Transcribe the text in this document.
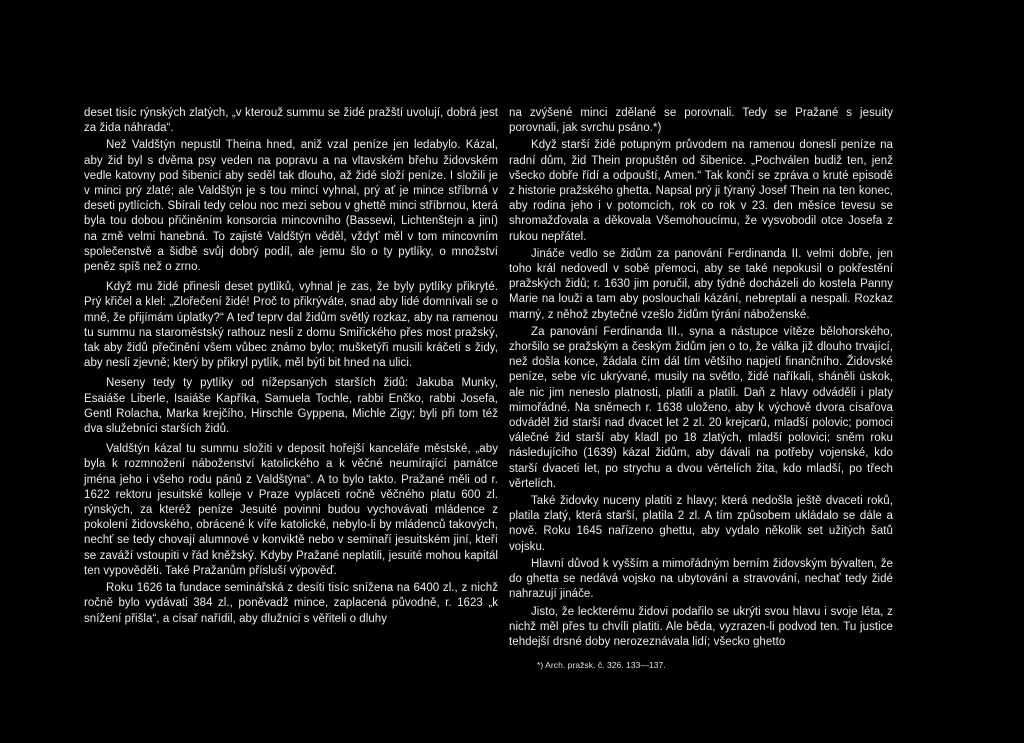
deset tisíc rýnských zlatých, „v kterouž summu se židé pražští uvolují, dobrá jest za žida náhrada“.

Než Valdštýn nepustil Theina hned, aniž vzal peníze jen ledabylo. Kázal, aby žid byl s dvěma psy veden na popravu a na vltavském břehu židovském vedle katovny pod šibenicí aby seděl tak dlouho, až židé složí peníze. I složili je v minci prý zlaté; ale Valdštýn je s tou mincí vyhnal, prý ať je mince stříbrná v deseti pytlících. Sbírali tedy celou noc mezi sebou v ghettě minci stříbrnou, která byla tou dobou přičiněním konsorcia mincovního (Bassewi, Lichtenštejn a jiní) na změ velmi hanebná. To zajisté Valdštýn věděl, vždyť měl v tom mincovním společenstvě a šidbě svůj dobrý podíl, ale jemu šlo o ty pytlíky, o množství peněz spíš než o zrno.

Když mu židé přinesli deset pytlíků, vyhnal je zas, že byly pytlíky přikryté. Prý křičel a klel: „Zlořečení židé! Proč to přikrýváte, snad aby lidé domnívali se o mně, že přijímám úplatky?“ A teď teprv dal židům světlý rozkaz, aby na ramenou tu summu na staroměstský rathouz nesli z domu Smiřického přes most pražský, tak aby židů přečinění všem vůbec známo bylo; mušketýři musili kráčeti s židy, aby nesli zjevně; který by přikryl pytlík, měl býti bit hned na ulici.

Neseny tedy ty pytlíky od nížepsaných starších židů: Jakuba Munky, Esaiáše Liberle, Isaiáše Kapříka, Samuela Tochle, rabbi Enčko, rabbi Josefa, Gentl Rolacha, Marka krejčího, Hirschle Gyppena, Michle Zigy; byli při tom též dva služebníci starších židů.

Valdštýn kázal tu summu složiti v deposit hořejší kanceláře městské, „aby byla k rozmnožení náboženství katolického a k věčné neumírající památce jména jeho i všeho rodu pánů z Valdštýna“. A to bylo takto. Pražané měli od r. 1622 rektoru jesuitské kolleje v Praze vypláceti ročně věčného platu 600 zl. rýnských, za kteréž peníze Jesuité povinni budou vychovávati mládence z pokolení židovského, obrácené k víře katolické, nebylo-li by mládenců takových, nechť se tedy chovají alumnové v konviktě nebo v seminaří jesuitském jiní, kteří se zaváží vstoupiti v řád kněžský. Kdyby Pražané neplatili, jesuité mohou kapitál ten vypověděti. Také Pražanům přísluší výpověď.

Roku 1626 ta fundace seminářská z desíti tisíc snížena na 6400 zl., z nichž ročně bylo vydávati 384 zl., poněvadž mince, zaplacená původně, r. 1623 „k snížení přišla“, a císař nařídil, aby dlužníci s věřiteli o dluhy

na zvýšené minci zdělané se porovnali. Tedy se Pražané s jesuity porovnali, jak svrchu psáno.*)

Když starší židé potupným průvodem na ramenou donesli peníze na radní dům, žid Thein propuštěn od šibenice. „Pochválen budiž ten, jenž všecko dobře řídí a odpouští, Amen.“ Tak končí se zpráva o kruté episodě z historie pražského ghetta. Napsal prý ji týraný Josef Thein na ten konec, aby rodina jeho i v potomcích, rok co rok v 23. den měsíce tevesu se shromažďovala a děkovala Všemohoucímu, že vysvobodil otce Josefa z rukou nepřátel.

Jináče vedlo se židům za panování Ferdinanda II. velmi dobře, jen toho král nedovedl v sobě přemoci, aby se také nepokusil o pokřestění pražských židů; r. 1630 jim poručil, aby týdně docházeli do kostela Panny Marie na louži a tam aby poslouchali kázání, nebreptali a nespali. Rozkaz marný, z něhož zbytečné vzešlo židům týrání náboženské.

Za panování Ferdinanda III., syna a nástupce vítěze bělohorského, zhoršilo se pražským a českým židům jen o to, že válka již dlouho trvající, než došla konce, žádala čím dál tím většího napjetí finančního. Židovské peníze, sebe víc ukrývané, musily na světlo, židé naříkali, sháněli úskok, ale nic jim neneslo platnosti, platili a platili. Daň z hlavy odváděli i platy mimořádné. Na sněmech r. 1638 uloženo, aby k výchově dvora císařova odváděl žid starší nad dvacet let 2 zl. 20 krejcarů, mladší polovic; pomoci válečné žid starší aby kladl po 18 zlatých, mladší polovici; sněm roku následujícího (1639) kázal židům, aby dávali na potřeby vojenské, kdo starší dvaceti let, po strychu a dvou věrtelích žita, kdo mladší, po třech věrtelích.

Také židovky nuceny platiti z hlavy; která nedošla ještě dvaceti roků, platila zlatý, která starší, platila 2 zl. A tím způsobem ukládalo se dále a nově. Roku 1645 nařízeno ghettu, aby vydalo několik set užitých šatů vojsku.

Hlavní důvod k vyšším a mimořádným berním židovským bývalten, že do ghetta se nedává vojsko na ubytování a stravování, nechať tedy židé nahrazují jináče.

Jisto, že leckterému židovi podařilo se ukrýti svou hlavu i svoje léta, z nichž měl přes tu chvíli platiti. Ale běda, vyzrazen-li podvod ten. Tu justice tehdejší drsné doby nerozeznávala lidí; všecko ghetto

*) Arch. pražsk. č. 326. 133—137.
